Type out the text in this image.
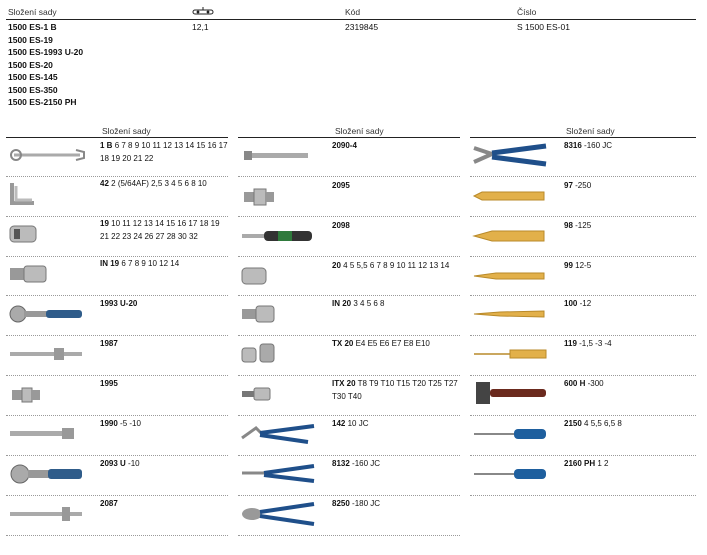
Složení sady	Kód	Číslo
1500 ES-1 B
1500 ES-19
1500 ES-1993 U-20
1500 ES-20
1500 ES-145
1500 ES-350
1500 ES-2150 PH
12,1	2319845	S 1500 ES-01
Složení sady	Složení sady	Složení sady
1 B 6 7 8 9 10 11 12 13 14 15 16 17 18 19 20 21 22
42 2 (5/64AF) 2,5 3 4 5 6 8 10
19 10 11 12 13 14 15 16 17 18 19 21 22 23 24 26 27 28 30 32
IN 19 6 7 8 9 10 12 14
1993 U-20
1987
1995
1990 -5 -10
2093 U -10
2087
2090-4
2095
2098
20 4 5 5,5 6 7 8 9 10 11 12 13 14
IN 20 3 4 5 6 8
TX 20 E4 E5 E6 E7 E8 E10
ITX 20 T8 T9 T10 T15 T20 T25 T27 T30 T40
142 10 JC
8132 -160 JC
8250 -180 JC
8316 -160 JC
97 -250
98 -125
99 12-5
100 -12
119 -1,5 -3 -4
600 H -300
2150 4 5,5 6,5 8
2160 PH 1 2
